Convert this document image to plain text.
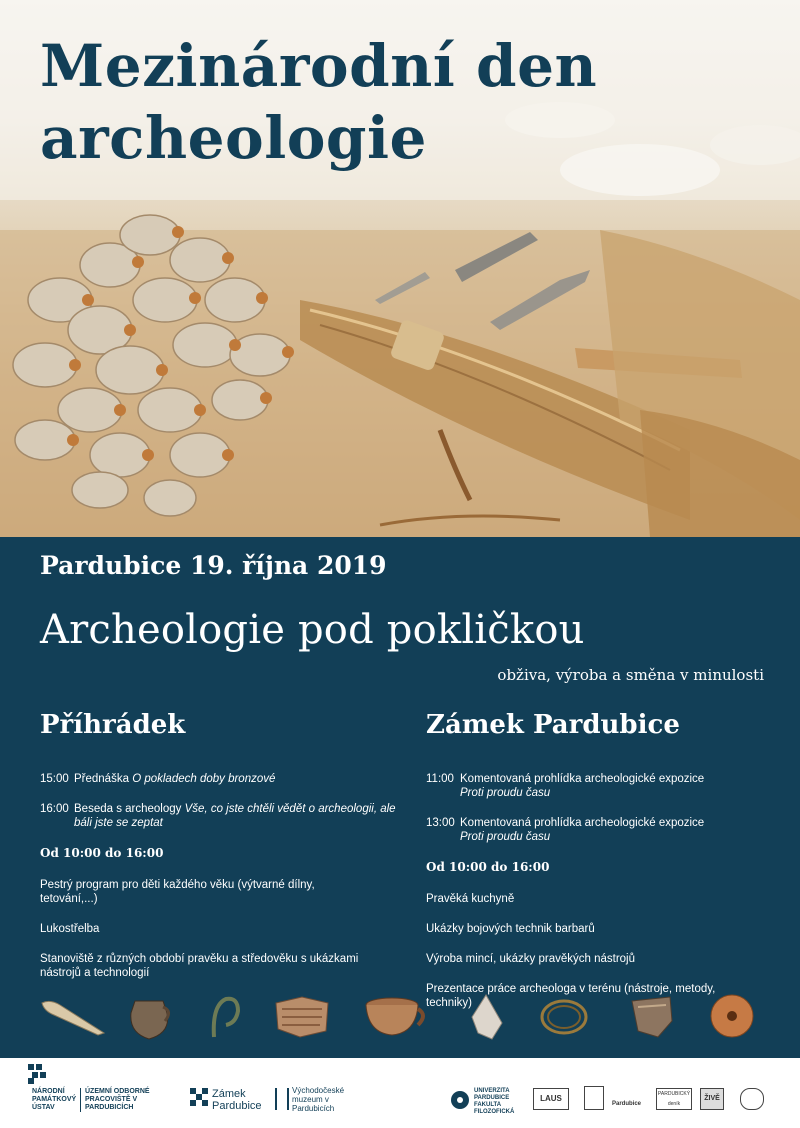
Mezinárodní den
archeologie
Pardubice 19. října 2019
Archeologie pod pokličkou
obživa, výroba a směna v minulosti
Příhrádek
15:00 Přednáška O pokladech doby bronzové
16:00 Beseda s archeology Vše, co jste chtěli vědět o archeologii, ale báli jste se zeptat
Od 10:00 do 16:00
Pestrý program pro děti každého věku (výtvarné dílny, tetování,...)
Lukostřelba
Stanoviště z různých období pravěku a středověku s ukázkami nástrojů a technologií
Zámek Pardubice
11:00 Komentovaná prohlídka archeologické expozice
Proti proudu času
13:00 Komentovaná prohlídka archeologické expozice
Proti proudu času
Od 10:00 do 16:00
Pravěká kuchyně
Ukázky bojových technik barbarů
Výroba mincí, ukázky pravěkých nástrojů
Prezentace práce archeologa v terénu (nástroje, metody, techniky)
NÁRODNÍ PAMÁTKOVÝ ÚSTAV
ÚZEMNÍ ODBORNÉ PRACOVIŠTĚ V PARDUBICÍCH
Zámek Pardubice
Východočeské muzeum v Pardubicích
UNIVERZITA PARDUBICE FAKULTA FILOZOFICKÁ
LAUS
Pardubice
PARDUBICKÝ deník
ŽIVĚ
